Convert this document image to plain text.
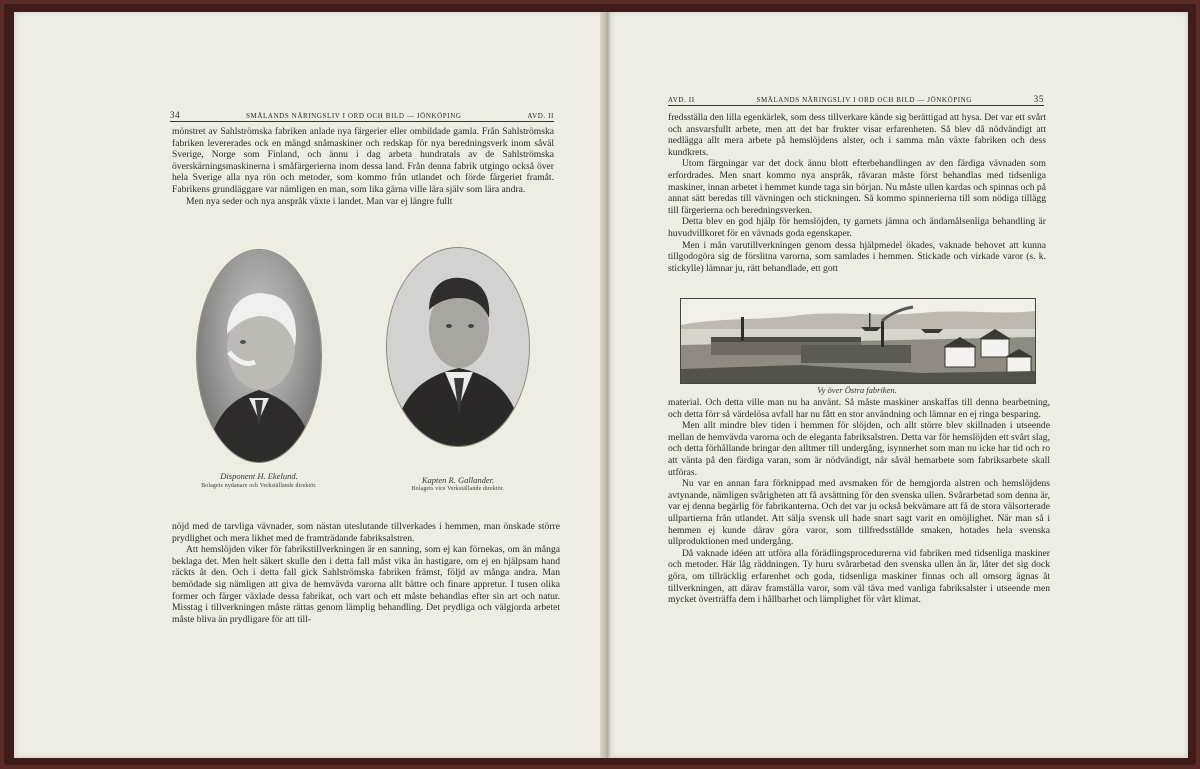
34	SMÅLANDS NÄRINGSLIV I ORD OCH BILD — JÖNKÖPING	AVD. II

mönstret av Sahlströmska fabriken anlade nya färgerier eller ombildade gamla. Från Sahlströmska fabriken levererades ock en mängd snåmaskiner och redskap för nya beredningsverk inom såväl Sverige, Norge som Finland, och ännu i dag arbeta hundratals av de Sahlströmska överskärningsmaskinerna i småfärgerierna inom dessa land. Från denna fabrik utgingo också över hela Sverige alla nya rön och metoder, som kommo från utlandet och förde färgeriet framåt. Fabrikens grundläggare var nämligen en man, som lika gärna ville lära själv som lära andra.

Men nya seder och nya anspråk växte i landet. Man var ej längre fullt

Disponent H. Ekelund.
Bolagets nydanare och Verkställande direktör.
Kapten R. Gallander.
Bolagets vice Verkställande direktör.

nöjd med de tarvliga vävnader, som nästan uteslutande tillverkades i hemmen, man önskade större prydlighet och mera likhet med de framträdande fabriksalstren.

Att hemslöjden viker för fabrikstillverkningen är en sanning, som ej kan förnekas, om än många beklaga det. Men helt säkert skulle den i detta fall måst vika än hastigare, om ej en hjälpsam hand räckts åt den. Och i detta fall gick Sahlströmska fabriken främst, följd av många andra. Man bemödade sig nämligen att giva de hemvävda varorna allt bättre och finare appretur. I tusen olika former och färger växlade dessa fabrikat, och vart och ett måste behandlas efter sin art och natur. Misstag i tillverkningen måste rättas genom lämplig behandling. Det prydliga och välgjorda arbetet måste bliva än prydligare för att till-

AVD. II	SMÅLANDS NÄRINGSLIV I ORD OCH BILD — JÖNKÖPING	35

fredsställa den lilla egenkärlek, som dess tillverkare kände sig berättigad att hysa. Det var ett svårt och ansvarsfullt arbete, men att det bar frukter visar erfarenheten. Så blev då nödvändigt att nedlägga allt mera arbete på hemslöjdens alster, och i samma mån växte fabriken och dess kundkrets.

Utom färgningar var det dock ännu blott efterbehandlingen av den färdiga vävnaden som erfordrades. Men snart kommo nya anspråk, råvaran måste först behandlas med tidsenliga maskiner, innan arbetet i hemmet kunde taga sin början. Nu måste ullen kardas och spinnas och på annat sätt beredas till vävningen och stickningen. Så kommo spinnerierna till som nödiga tillägg till färgerierna och beredningsverken.

Detta blev en god hjälp för hemslöjden, ty garnets jämna och ändamålsenliga behandling är huvudvillkoret för en vävnads goda egenskaper.

Men i mån varutillverkningen genom dessa hjälpmedel ökades, vaknade behovet att kunna tillgodogöra sig de förslitna varorna, som samlades i hemmen. Stickade och virkade varor (s. k. stickylle) lämnar ju, rätt behandlade, ett gott

Vy över Östra fabriken.

material. Och detta ville man nu ha använt. Så måste maskiner anskaffas till denna bearbetning, och detta förr så värdelösa avfall har nu fått en stor användning och lämnar en ej ringa besparing.

Men allt mindre blev tiden i hemmen för slöjden, och allt större blev skillnaden i utseende mellan de hemvävda varorna och de eleganta fabriksalstren. Detta var för hemslöjden ett svårt slag, och detta förhållande bringar den alltmer till undergång, isynnerhet som man nu icke har tid och ro att vänta på den färdiga varan, som är nödvändigt, när såväl hemarbete som fabriksarbete skall utföras.

Nu var en annan fara förknippad med avsmaken för de hemgjorda alstren och hemslöjdens avtynande, nämligen svårigheten att få avsättning för den svenska ullen. Svårarbetad som denna är, var ej denna begärlig för fabrikanterna. Och det var ju också bekvämare att få de stora välsorterade ullpartierna från utlandet. Att sälja svensk ull hade snart sagt varit en omöjlighet. När man så i hemmen ej kunde därav göra varor, som tillfredsställde smaken, hotades hela svenska ullproduktionen med undergång.

Då vaknade idéen att utföra alla förädlingsprocedurerna vid fabriken med tidsenliga maskiner och metoder. Här låg räddningen. Ty huru svårarbetad den svenska ullen än är, låter det sig dock göra, om tillräcklig erfarenhet och goda, tidsenliga maskiner finnas och all omsorg ägnas åt tillverkningen, att därav framställa varor, som väl täva med vanliga fabriksalster i utseende men mycket överträffa dem i hållbarhet och lämplighet för vårt klimat.
